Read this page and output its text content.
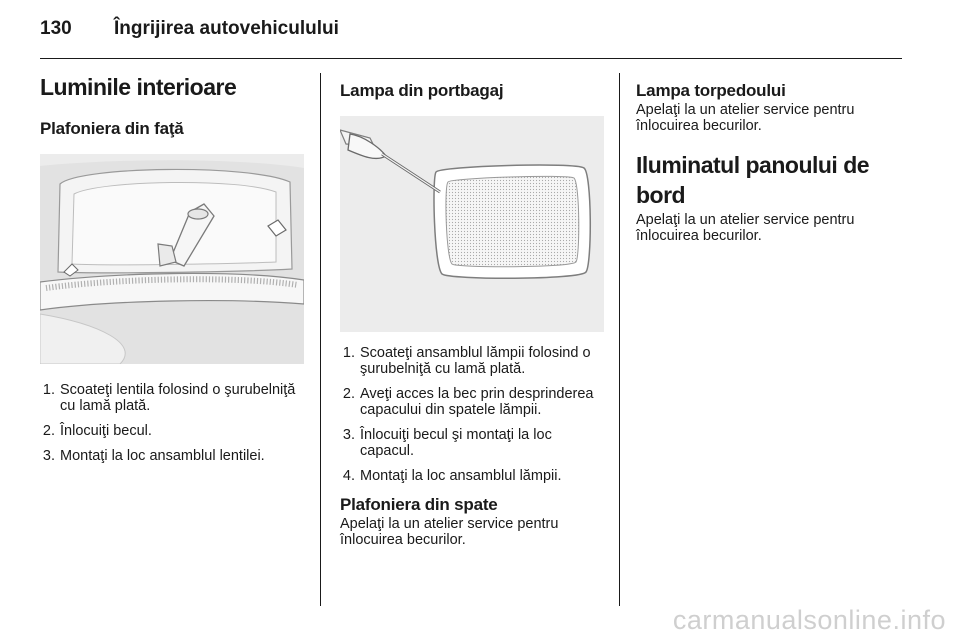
130	Îngrijirea autovehiculului
Luminile interioare
Plafoniera din faţă
1. Scoateţi lentila folosind o şurubelniţă cu lamă plată.
2. Înlocuiţi becul.
3. Montaţi la loc ansamblul lentilei.
Lampa din portbagaj
1. Scoateţi ansamblul lămpii folosind o şurubelniţă cu lamă plată.
2. Aveţi acces la bec prin desprinderea capacului din spatele lămpii.
3. Înlocuiţi becul şi montaţi la loc capacul.
4. Montaţi la loc ansamblul lămpii.
Plafoniera din spate

Apelaţi la un atelier service pentru înlocuirea becurilor.

Lampa torpedoului

Apelaţi la un atelier service pentru înlocuirea becurilor.

Iluminatul panoului de bord

Apelaţi la un atelier service pentru înlocuirea becurilor.

carmanualsonline.info
